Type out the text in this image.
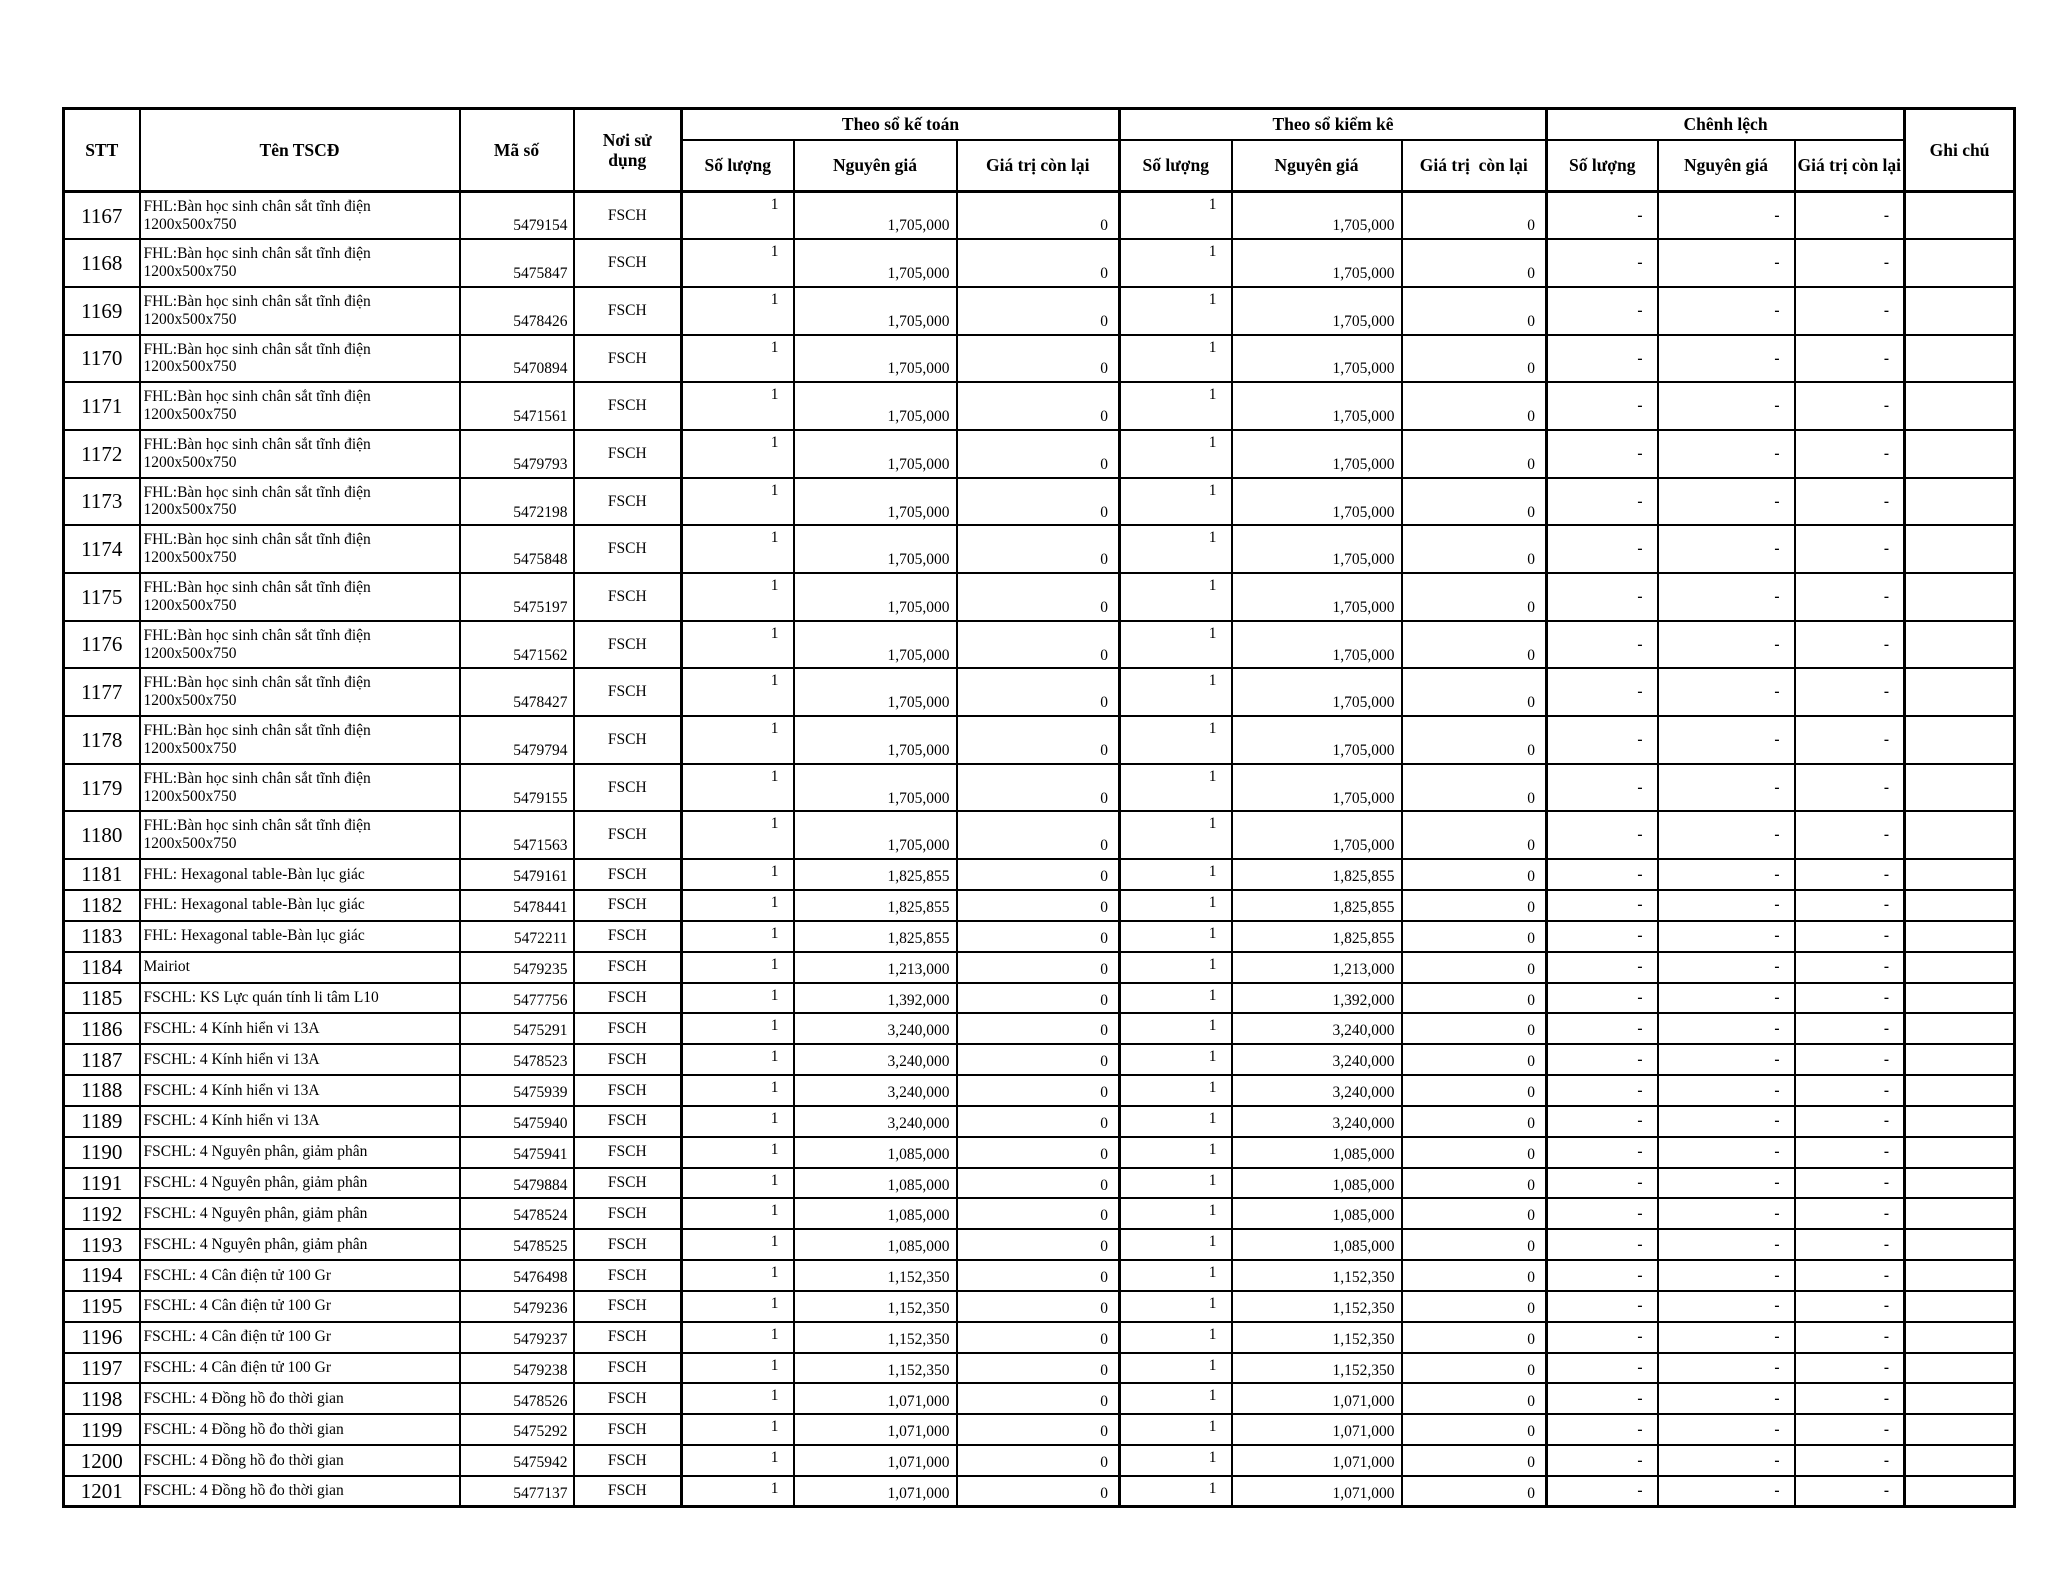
STT	Tên TSCĐ	Mã số	Nơi sử dụng	Theo sổ kế toán			Theo sổ kiểm kê			Chênh lệch			Ghi chú
				Số lượng	Nguyên giá	Giá trị còn lại	Số lượng	Nguyên giá	Giá trị  còn lại	Số lượng	Nguyên giá	Giá trị còn lại	
1167	FHL:Bàn học sinh chân sắt tĩnh điện 1200x500x750	5479154	FSCH	1	1,705,000	0	1	1,705,000	0	-	-	-	
1168	FHL:Bàn học sinh chân sắt tĩnh điện 1200x500x750	5475847	FSCH	1	1,705,000	0	1	1,705,000	0	-	-	-	
1169	FHL:Bàn học sinh chân sắt tĩnh điện 1200x500x750	5478426	FSCH	1	1,705,000	0	1	1,705,000	0	-	-	-	
1170	FHL:Bàn học sinh chân sắt tĩnh điện 1200x500x750	5470894	FSCH	1	1,705,000	0	1	1,705,000	0	-	-	-	
1171	FHL:Bàn học sinh chân sắt tĩnh điện 1200x500x750	5471561	FSCH	1	1,705,000	0	1	1,705,000	0	-	-	-	
1172	FHL:Bàn học sinh chân sắt tĩnh điện 1200x500x750	5479793	FSCH	1	1,705,000	0	1	1,705,000	0	-	-	-	
1173	FHL:Bàn học sinh chân sắt tĩnh điện 1200x500x750	5472198	FSCH	1	1,705,000	0	1	1,705,000	0	-	-	-	
1174	FHL:Bàn học sinh chân sắt tĩnh điện 1200x500x750	5475848	FSCH	1	1,705,000	0	1	1,705,000	0	-	-	-	
1175	FHL:Bàn học sinh chân sắt tĩnh điện 1200x500x750	5475197	FSCH	1	1,705,000	0	1	1,705,000	0	-	-	-	
1176	FHL:Bàn học sinh chân sắt tĩnh điện 1200x500x750	5471562	FSCH	1	1,705,000	0	1	1,705,000	0	-	-	-	
1177	FHL:Bàn học sinh chân sắt tĩnh điện 1200x500x750	5478427	FSCH	1	1,705,000	0	1	1,705,000	0	-	-	-	
1178	FHL:Bàn học sinh chân sắt tĩnh điện 1200x500x750	5479794	FSCH	1	1,705,000	0	1	1,705,000	0	-	-	-	
1179	FHL:Bàn học sinh chân sắt tĩnh điện 1200x500x750	5479155	FSCH	1	1,705,000	0	1	1,705,000	0	-	-	-	
1180	FHL:Bàn học sinh chân sắt tĩnh điện 1200x500x750	5471563	FSCH	1	1,705,000	0	1	1,705,000	0	-	-	-	
1181	FHL: Hexagonal table-Bàn lục giác	5479161	FSCH	1	1,825,855	0	1	1,825,855	0	-	-	-	
1182	FHL: Hexagonal table-Bàn lục giác	5478441	FSCH	1	1,825,855	0	1	1,825,855	0	-	-	-	
1183	FHL: Hexagonal table-Bàn lục giác	5472211	FSCH	1	1,825,855	0	1	1,825,855	0	-	-	-	
1184	Mairiot	5479235	FSCH	1	1,213,000	0	1	1,213,000	0	-	-	-	
1185	FSCHL: KS Lực quán tính li tâm L10	5477756	FSCH	1	1,392,000	0	1	1,392,000	0	-	-	-	
1186	FSCHL: 4 Kính hiển vi 13A	5475291	FSCH	1	3,240,000	0	1	3,240,000	0	-	-	-	
1187	FSCHL: 4 Kính hiển vi 13A	5478523	FSCH	1	3,240,000	0	1	3,240,000	0	-	-	-	
1188	FSCHL: 4 Kính hiển vi 13A	5475939	FSCH	1	3,240,000	0	1	3,240,000	0	-	-	-	
1189	FSCHL: 4 Kính hiển vi 13A	5475940	FSCH	1	3,240,000	0	1	3,240,000	0	-	-	-	
1190	FSCHL: 4 Nguyên phân, giảm phân	5475941	FSCH	1	1,085,000	0	1	1,085,000	0	-	-	-	
1191	FSCHL: 4 Nguyên phân, giảm phân	5479884	FSCH	1	1,085,000	0	1	1,085,000	0	-	-	-	
1192	FSCHL: 4 Nguyên phân, giảm phân	5478524	FSCH	1	1,085,000	0	1	1,085,000	0	-	-	-	
1193	FSCHL: 4 Nguyên phân, giảm phân	5478525	FSCH	1	1,085,000	0	1	1,085,000	0	-	-	-	
1194	FSCHL: 4 Cân điện tử 100 Gr	5476498	FSCH	1	1,152,350	0	1	1,152,350	0	-	-	-	
1195	FSCHL: 4 Cân điện tử 100 Gr	5479236	FSCH	1	1,152,350	0	1	1,152,350	0	-	-	-	
1196	FSCHL: 4 Cân điện tử 100 Gr	5479237	FSCH	1	1,152,350	0	1	1,152,350	0	-	-	-	
1197	FSCHL: 4 Cân điện tử 100 Gr	5479238	FSCH	1	1,152,350	0	1	1,152,350	0	-	-	-	
1198	FSCHL: 4 Đồng hồ đo thời gian	5478526	FSCH	1	1,071,000	0	1	1,071,000	0	-	-	-	
1199	FSCHL: 4 Đồng hồ đo thời gian	5475292	FSCH	1	1,071,000	0	1	1,071,000	0	-	-	-	
1200	FSCHL: 4 Đồng hồ đo thời gian	5475942	FSCH	1	1,071,000	0	1	1,071,000	0	-	-	-	
1201	FSCHL: 4 Đồng hồ đo thời gian	5477137	FSCH	1	1,071,000	0	1	1,071,000	0	-	-	-	
